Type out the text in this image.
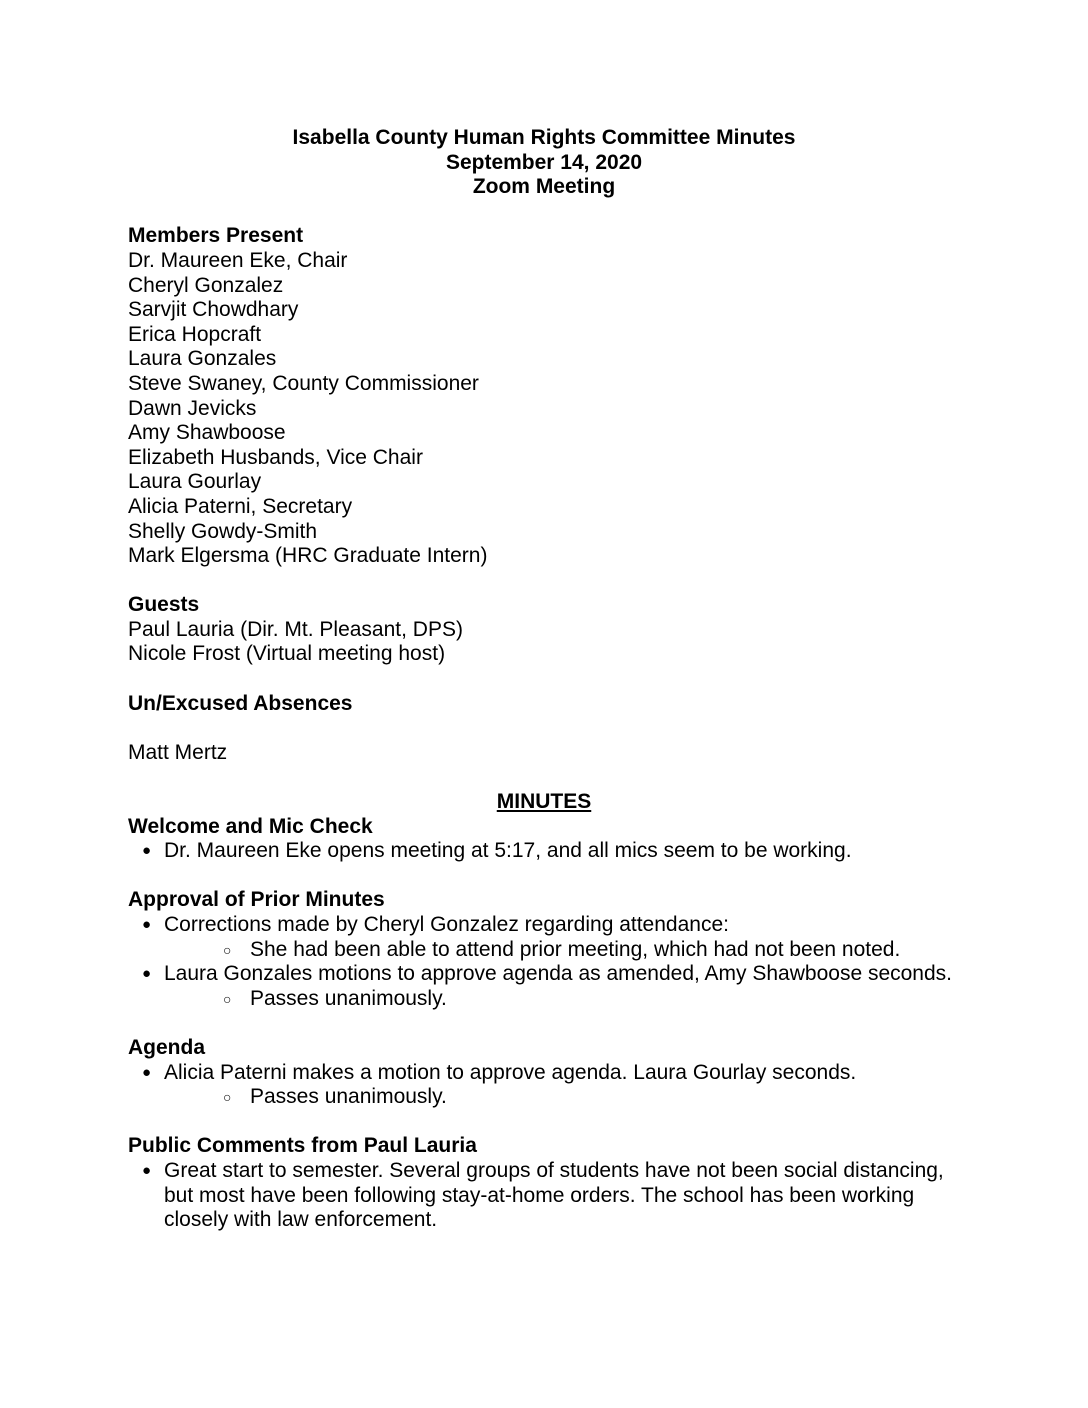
Isabella County Human Rights Committee Minutes
September 14, 2020
Zoom Meeting
Members Present
Dr. Maureen Eke, Chair
Cheryl Gonzalez
Sarvjit Chowdhary
Erica Hopcraft
Laura Gonzales
Steve Swaney, County Commissioner
Dawn Jevicks
Amy Shawboose
Elizabeth Husbands, Vice Chair
Laura Gourlay
Alicia Paterni, Secretary
Shelly Gowdy-Smith
Mark Elgersma (HRC Graduate Intern)
Guests
Paul Lauria (Dir. Mt. Pleasant, DPS)
Nicole Frost (Virtual meeting host)
Un/Excused Absences
Matt Mertz
MINUTES
Welcome and Mic Check
● Dr. Maureen Eke opens meeting at 5:17, and all mics seem to be working.
Approval of Prior Minutes
● Corrections made by Cheryl Gonzalez regarding attendance:
○ She had been able to attend prior meeting, which had not been noted.
● Laura Gonzales motions to approve agenda as amended, Amy Shawboose seconds.
○ Passes unanimously.
Agenda
● Alicia Paterni makes a motion to approve agenda. Laura Gourlay seconds.
○ Passes unanimously.
Public Comments from Paul Lauria
● Great start to semester. Several groups of students have not been social distancing, but most have been following stay-at-home orders. The school has been working closely with law enforcement.
